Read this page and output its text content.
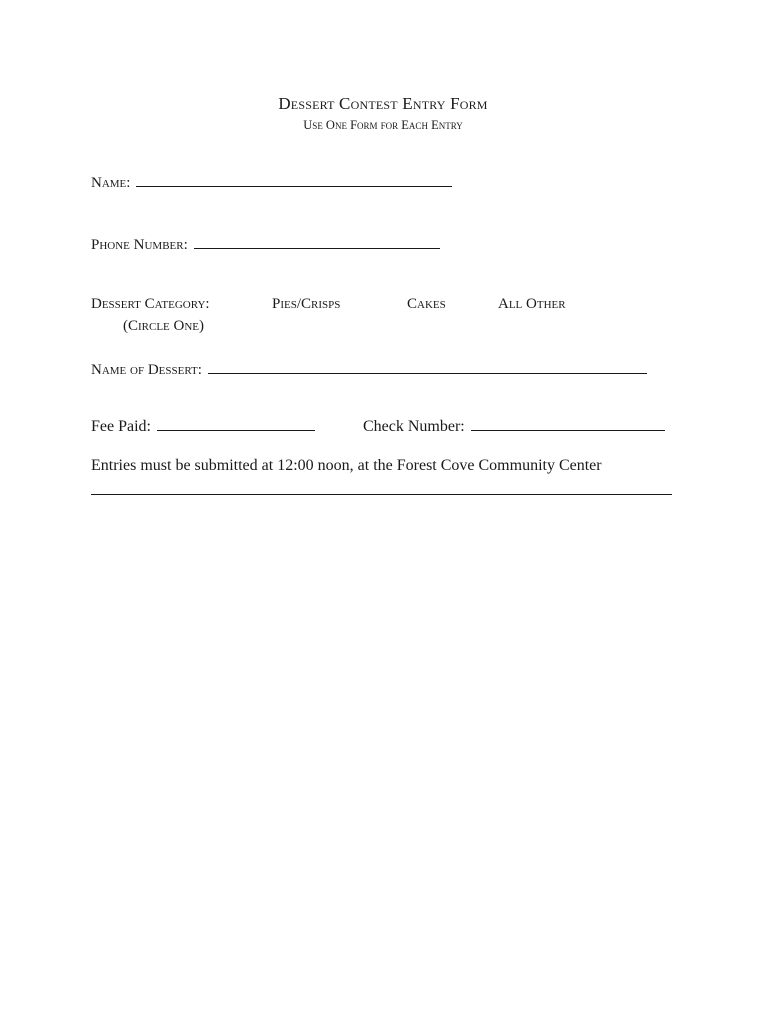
Dessert Contest Entry Form
Use One Form for Each Entry
Name:
Phone Number:
Dessert Category:	Pies/Crisps	Cakes	All Other
(Circle One)
Name of Dessert:
Fee Paid:	Check Number:
Entries must be submitted at 12:00 noon, at the Forest Cove Community Center
